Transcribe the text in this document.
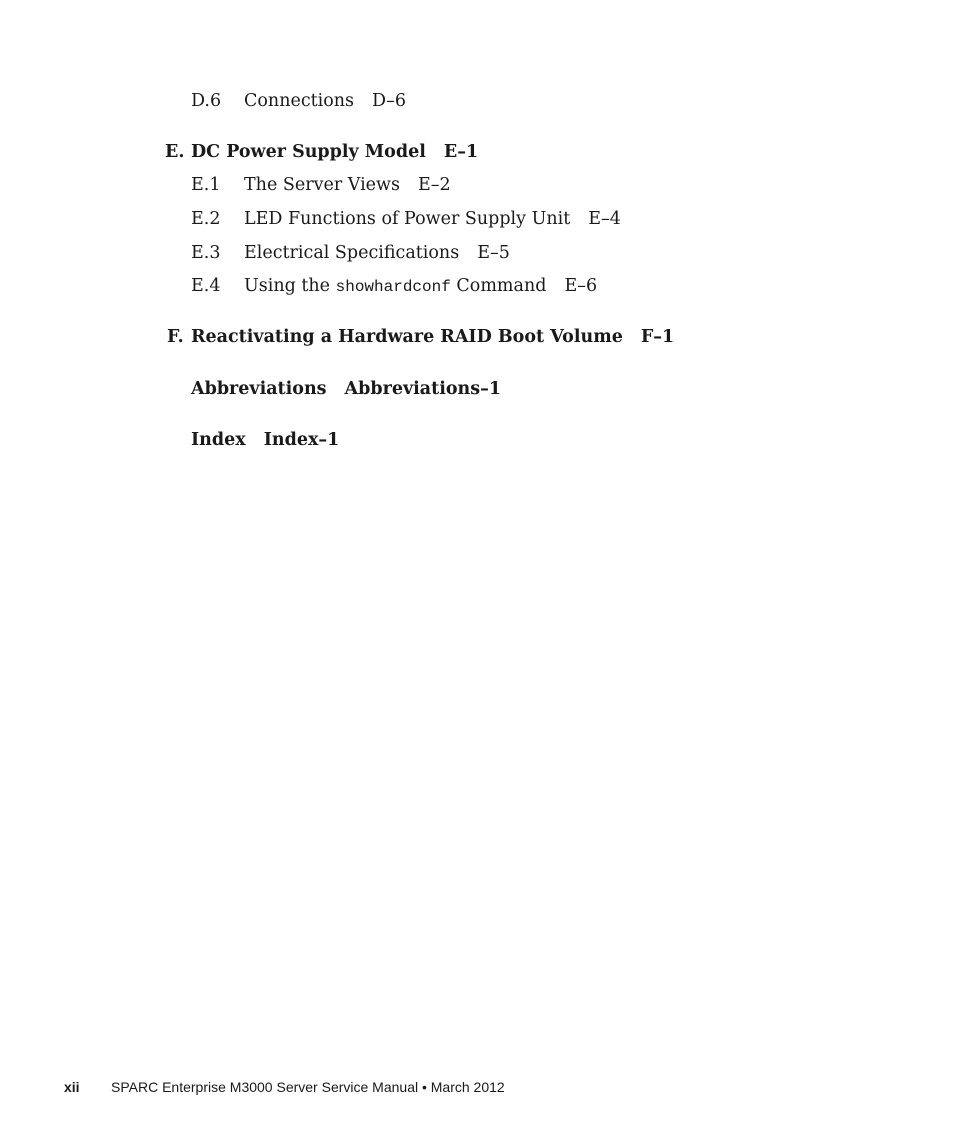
D.6 Connections D–6
E. DC Power Supply Model E–1
E.1 The Server Views E–2
E.2 LED Functions of Power Supply Unit E–4
E.3 Electrical Specifications E–5
E.4 Using the showhardconf Command E–6
F. Reactivating a Hardware RAID Boot Volume F–1
Abbreviations Abbreviations–1
Index Index–1
xii SPARC Enterprise M3000 Server Service Manual • March 2012
